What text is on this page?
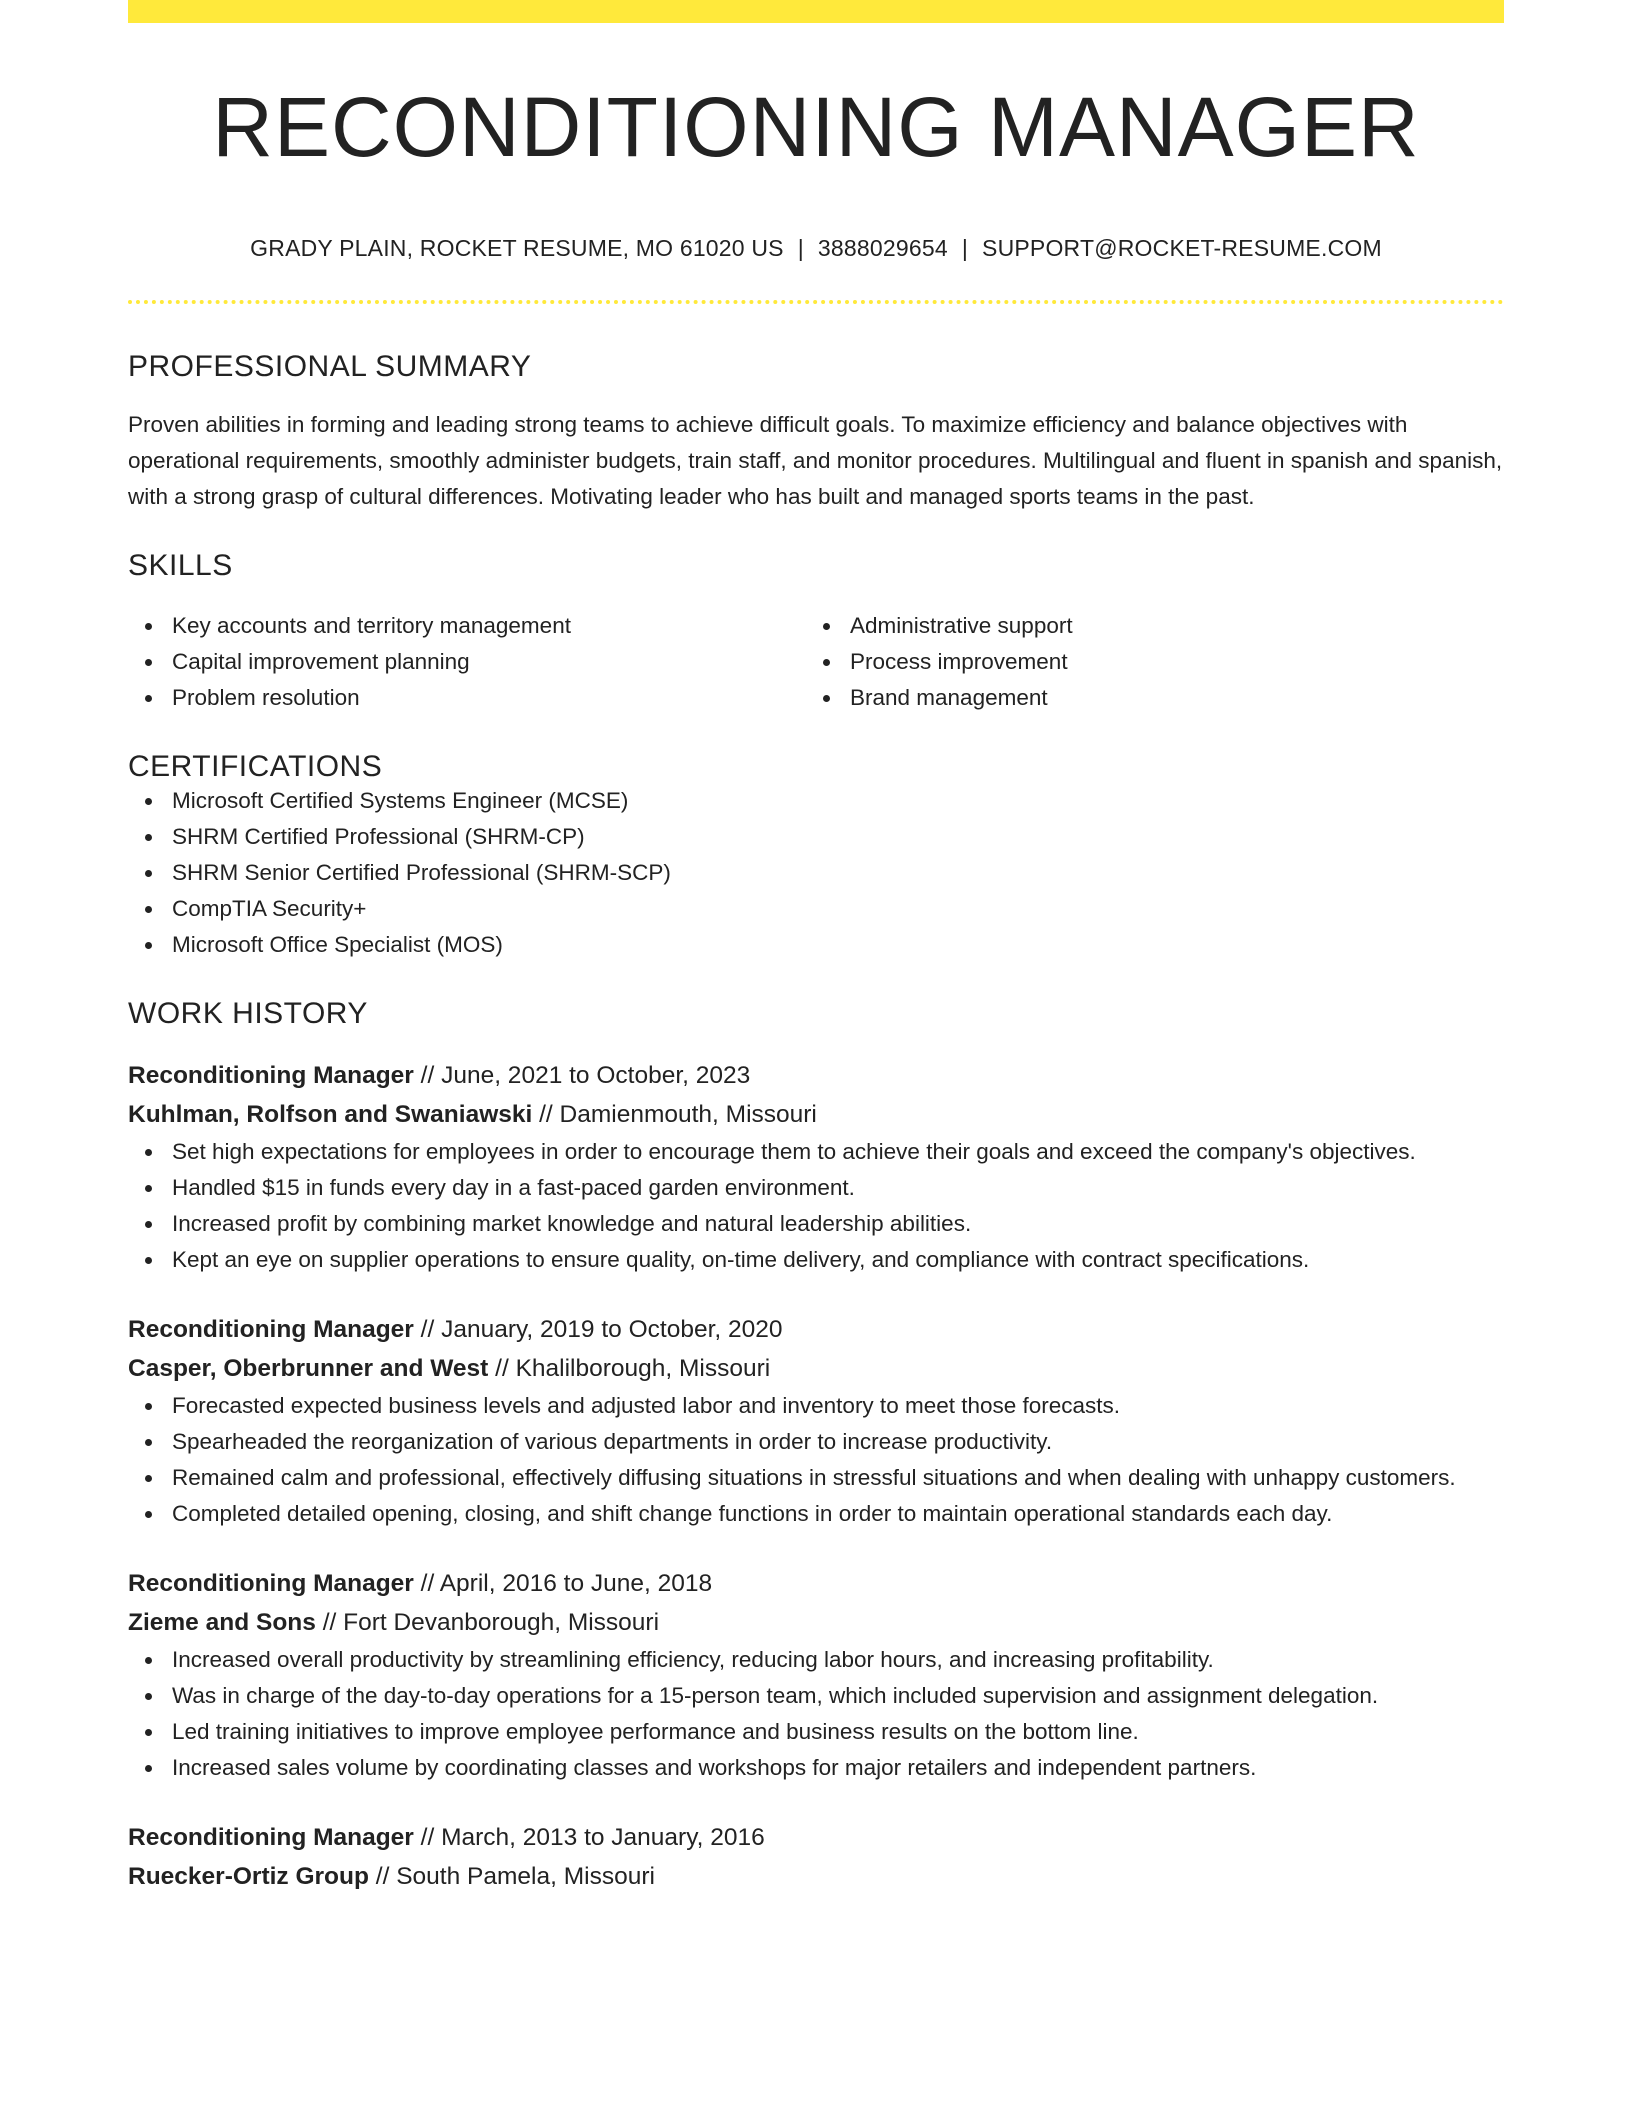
RECONDITIONING MANAGER
GRADY PLAIN, ROCKET RESUME, MO 61020 US | 3888029654 | SUPPORT@ROCKET-RESUME.COM
PROFESSIONAL SUMMARY

Proven abilities in forming and leading strong teams to achieve difficult goals. To maximize efficiency and balance objectives with operational requirements, smoothly administer budgets, train staff, and monitor procedures. Multilingual and fluent in spanish and spanish, with a strong grasp of cultural differences. Motivating leader who has built and managed sports teams in the past.

SKILLS
Key accounts and territory management
Capital improvement planning
Problem resolution
Administrative support
Process improvement
Brand management
CERTIFICATIONS
Microsoft Certified Systems Engineer (MCSE)
SHRM Certified Professional (SHRM-CP)
SHRM Senior Certified Professional (SHRM-SCP)
CompTIA Security+
Microsoft Office Specialist (MOS)
WORK HISTORY
Reconditioning Manager // June, 2021 to October, 2023
Kuhlman, Rolfson and Swaniawski // Damienmouth, Missouri
Set high expectations for employees in order to encourage them to achieve their goals and exceed the company's objectives.
Handled $15 in funds every day in a fast-paced garden environment.
Increased profit by combining market knowledge and natural leadership abilities.
Kept an eye on supplier operations to ensure quality, on-time delivery, and compliance with contract specifications.
Reconditioning Manager // January, 2019 to October, 2020
Casper, Oberbrunner and West // Khalilborough, Missouri
Forecasted expected business levels and adjusted labor and inventory to meet those forecasts.
Spearheaded the reorganization of various departments in order to increase productivity.
Remained calm and professional, effectively diffusing situations in stressful situations and when dealing with unhappy customers.
Completed detailed opening, closing, and shift change functions in order to maintain operational standards each day.
Reconditioning Manager // April, 2016 to June, 2018
Zieme and Sons // Fort Devanborough, Missouri
Increased overall productivity by streamlining efficiency, reducing labor hours, and increasing profitability.
Was in charge of the day-to-day operations for a 15-person team, which included supervision and assignment delegation.
Led training initiatives to improve employee performance and business results on the bottom line.
Increased sales volume by coordinating classes and workshops for major retailers and independent partners.
Reconditioning Manager // March, 2013 to January, 2016
Ruecker-Ortiz Group // South Pamela, Missouri
